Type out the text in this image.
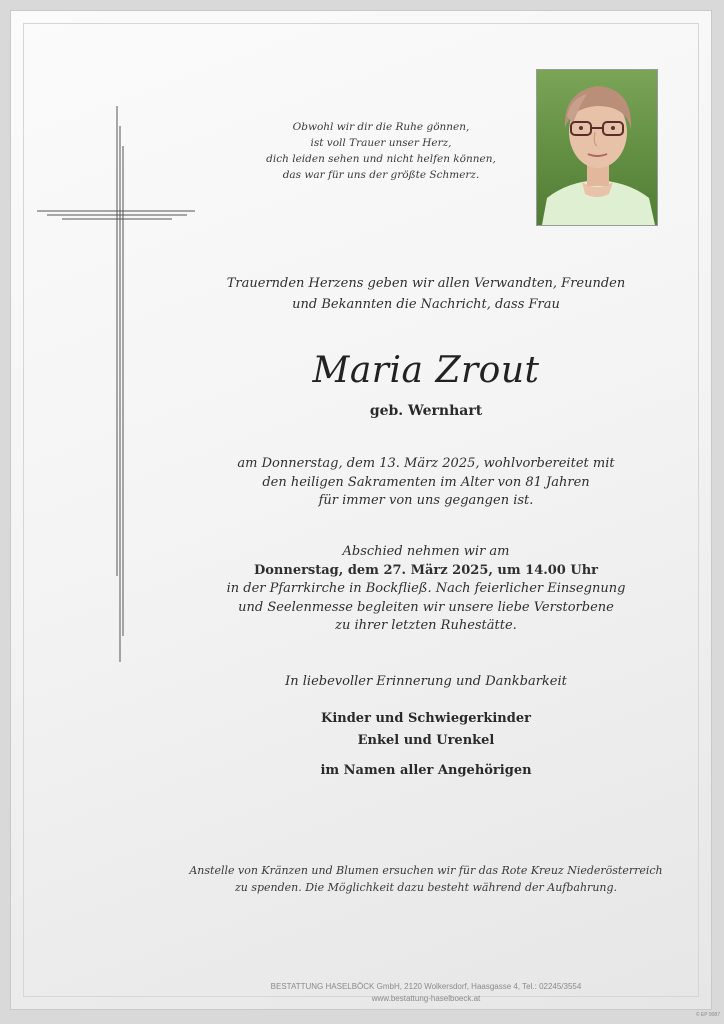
Obwohl wir dir die Ruhe gönnen,
ist voll Trauer unser Herz,
dich leiden sehen und nicht helfen können,
das war für uns der größte Schmerz.
Trauernden Herzens geben wir allen Verwandten, Freunden
und Bekannten die Nachricht, dass Frau
Maria Zrout
geb. Wernhart
am Donnerstag, dem 13. März 2025, wohlvorbereitet mit
den heiligen Sakramenten im Alter von 81 Jahren
für immer von uns gegangen ist.
Abschied nehmen wir am
Donnerstag, dem 27. März 2025, um 14.00 Uhr
in der Pfarrkirche in Bockfließ. Nach feierlicher Einsegnung
und Seelenmesse begleiten wir unsere liebe Verstorbene
zu ihrer letzten Ruhestätte.
In liebevoller Erinnerung und Dankbarkeit
Kinder und Schwiegerkinder
Enkel und Urenkel
im Namen aller Angehörigen
Anstelle von Kränzen und Blumen ersuchen wir für das Rote Kreuz Niederösterreich
zu spenden. Die Möglichkeit dazu besteht während der Aufbahrung.
BESTATTUNG HASELBÖCK GmbH, 2120 Wolkersdorf, Haasgasse 4, Tel.: 02245/3554
www.bestattung-haselboeck.at
© EP 9087
